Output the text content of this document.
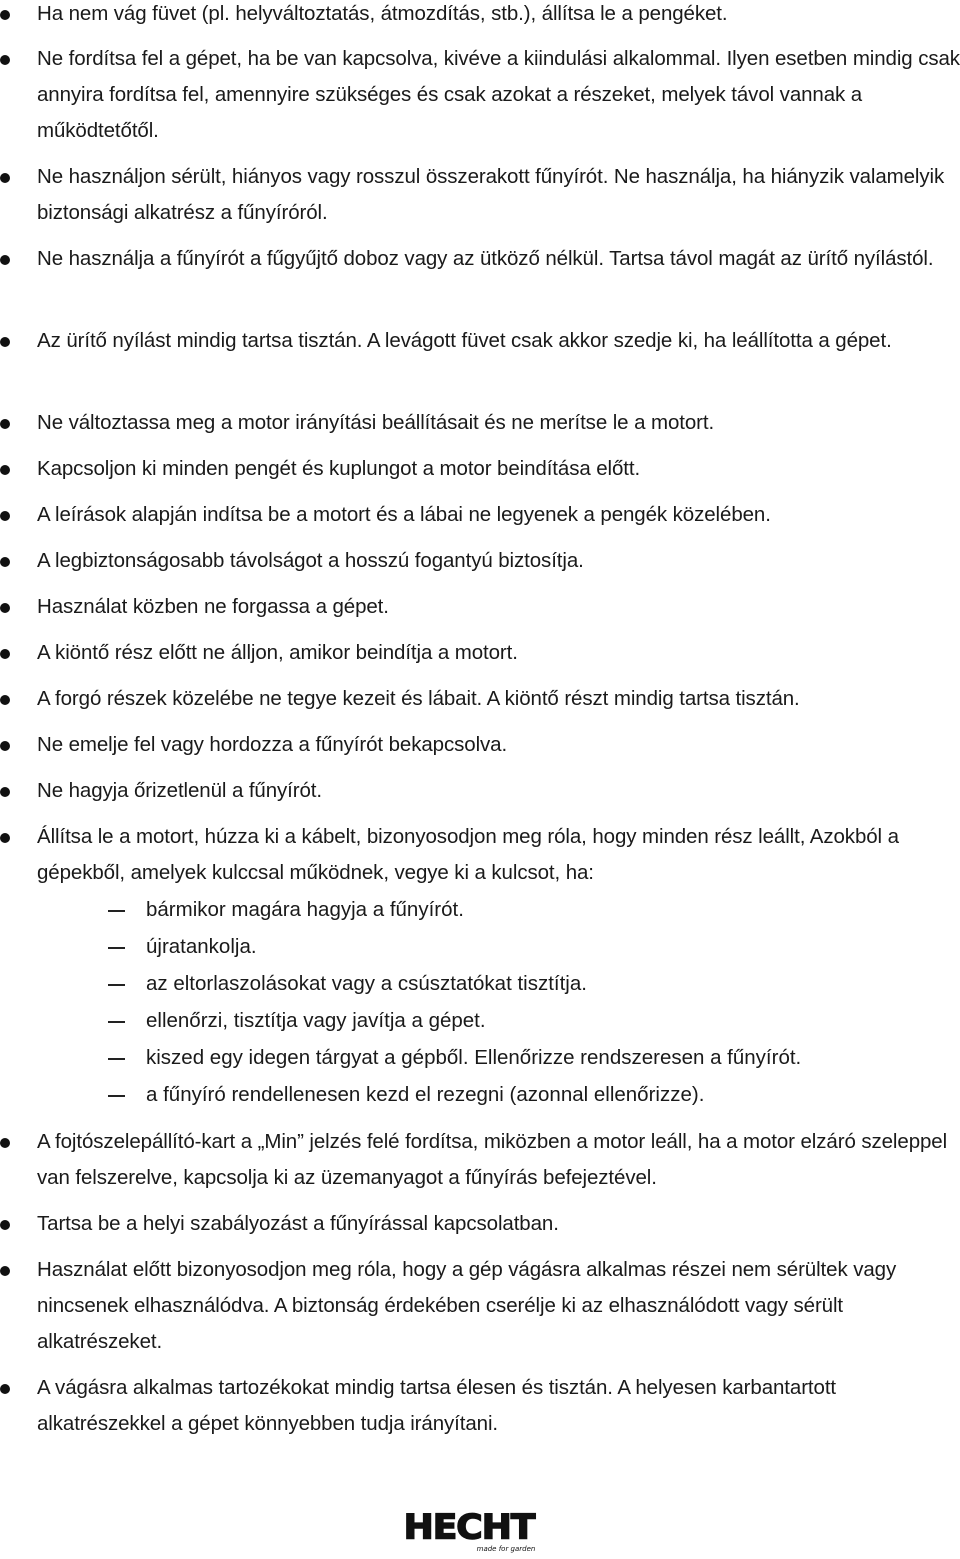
Ha nem vág füvet (pl. helyváltoztatás, átmozdítás, stb.), állítsa le a pengéket.

Ne fordítsa fel a gépet, ha be van kapcsolva, kivéve a kiindulási alkalommal. Ilyen esetben mindig csak annyira fordítsa fel, amennyire szükséges és csak azokat a részeket, melyek távol vannak a működtetőtől.

Ne használjon sérült, hiányos vagy rosszul összerakott fűnyírót. Ne használja, ha hiányzik valamelyik biztonsági alkatrész a fűnyíróról.

Ne használja a fűnyírót a fűgyűjtő doboz vagy az ütköző nélkül. Tartsa távol magát az ürítő nyílástól.

Az ürítő nyílást mindig tartsa tisztán. A levágott füvet csak akkor szedje ki, ha leállította a gépet.

Ne változtassa meg a motor irányítási beállításait és ne merítse le a motort.

Kapcsoljon ki minden pengét és kuplungot a motor beindítása előtt.

A leírások alapján indítsa be a motort és a lábai ne legyenek a pengék közelében.

A legbiztonságosabb távolságot a hosszú fogantyú biztosítja.

Használat közben ne forgassa a gépet.

A kiöntő rész előtt ne álljon, amikor beindítja a motort.

A forgó részek közelébe ne tegye kezeit és lábait. A kiöntő részt mindig tartsa tisztán.

Ne emelje fel vagy hordozza a fűnyírót bekapcsolva.

Ne hagyja őrizetlenül a fűnyírót.

Állítsa le a motort, húzza ki a kábelt, bizonyosodjon meg róla, hogy minden rész leállt, Azokból a gépekből, amelyek kulccsal működnek, vegye ki a kulcsot, ha:

bármikor magára hagyja a fűnyírót.

újratankolja.

az eltorlaszolásokat vagy a csúsztatókat tisztítja.

ellenőrzi, tisztítja vagy javítja a gépet.

kiszed egy idegen tárgyat a gépből. Ellenőrizze rendszeresen a fűnyírót.

a fűnyíró rendellenesen kezd el rezegni (azonnal ellenőrizze).

A fojtószelepállító-kart a „Min” jelzés felé fordítsa, miközben a motor leáll, ha a motor elzáró szeleppel van felszerelve, kapcsolja ki az üzemanyagot a fűnyírás befejeztével.

Tartsa be a helyi szabályozást a fűnyírással kapcsolatban.

Használat előtt bizonyosodjon meg róla, hogy a gép vágásra alkalmas részei nem sérültek vagy nincsenek elhasználódva. A biztonság érdekében cserélje ki az elhasználódott vagy sérült alkatrészeket.

A vágásra alkalmas tartozékokat mindig tartsa élesen és tisztán. A helyesen karbantartott alkatrészekkel a gépet könnyebben tudja irányítani.

HECHT
made for garden
